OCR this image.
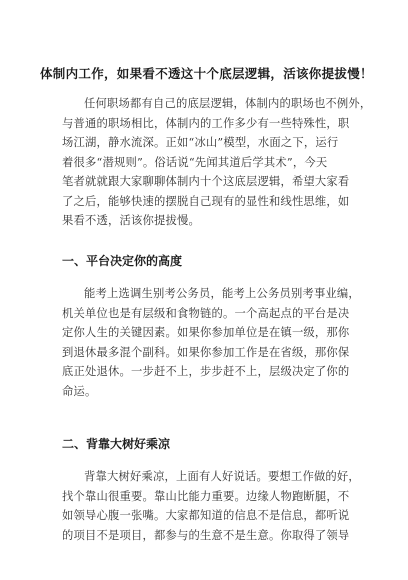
体制内工作，如果看不透这十个底层逻辑，活该你提拔慢！
任何职场都有自己的底层逻辑，体制内的职场也不例外，
与普通的职场相比，体制内的工作多少有一些特殊性，职
场江湖，静水流深。正如“冰山”模型，水面之下，运行
着很多“潜规则”。俗话说“先闻其道后学其术”，今天
笔者就就跟大家聊聊体制内十个这底层逻辑，希望大家看
了之后，能够快速的摆脱自己现有的显性和线性思维，如
果看不透，活该你提拔慢。
一、平台决定你的高度
能考上选调生别考公务员，能考上公务员别考事业编，
机关单位也是有层级和食物链的。一个高起点的平台是决
定你人生的关键因素。如果你参加单位是在镇一级，那你
到退休最多混个副科。如果你参加工作是在省级，那你保
底正处退休。一步赶不上，步步赶不上，层级决定了你的
命运。
二、背靠大树好乘凉
背靠大树好乘凉，上面有人好说话。要想工作做的好，
找个靠山很重要。靠山比能力重要。边缘人物跑断腿，不
如领导心腹一张嘴。大家都知道的信息不是信息，都听说
的项目不是项目，都参与的生意不是生意。你取得了领导
